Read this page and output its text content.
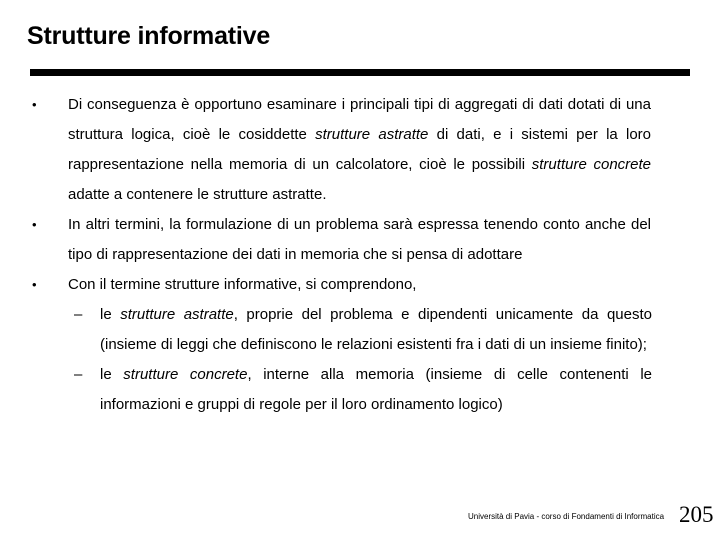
Strutture informative
• Di conseguenza è opportuno esaminare i principali tipi di aggregati di dati dotati di una struttura logica, cioè le cosiddette strutture astratte di dati, e i sistemi per la loro rappresentazione nella memoria di un calcolatore, cioè le possibili strutture concrete adatte a contenere le strutture astratte.
• In altri termini, la formulazione di un problema sarà espressa tenendo conto anche del tipo di rappresentazione dei dati in memoria che si pensa di adottare
• Con il termine strutture informative, si comprendono,
– le strutture astratte, proprie del problema e dipendenti unicamente da questo (insieme di leggi che definiscono le relazioni esistenti fra i dati di un insieme finito);
– le strutture concrete, interne alla memoria (insieme di celle contenenti le informazioni e gruppi di regole per il loro ordinamento logico)
Università di Pavia - corso di Fondamenti di Informatica 205
